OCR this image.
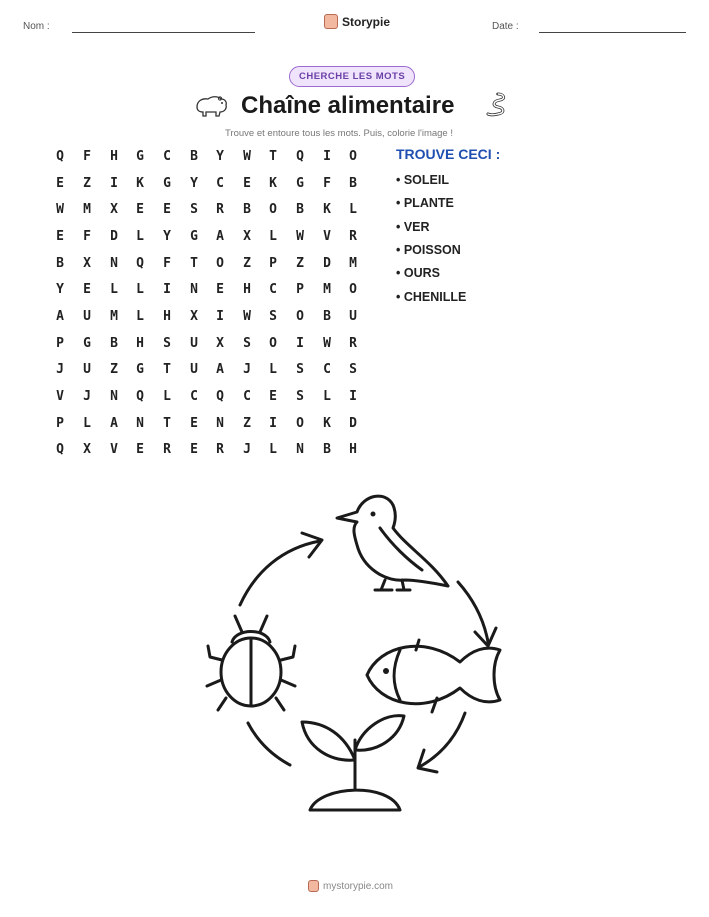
Nom :	Storypie	Date :
CHERCHE LES MOTS
Chaîne alimentaire
Trouve et entoure tous les mots. Puis, colorie l'image !
Q F H G C B Y W T Q I O
E Z I K G Y C E K G F B
W M X E E S R B O B K L
E F D L Y G A X L W V R
B X N Q F T O Z P Z D M
Y E L L I N E H C P M O
A U M L H X I W S O B U
P G B H S U X S O I W R
J U Z G T U A J L S C S
V J N Q L C Q C E S L I
P L A N T E N Z I O K D
Q X V E R E R J L N B H
TROUVE CECI :
• SOLEIL
• PLANTE
• VER
• POISSON
• OURS
• CHENILLE
mystorypie.com
